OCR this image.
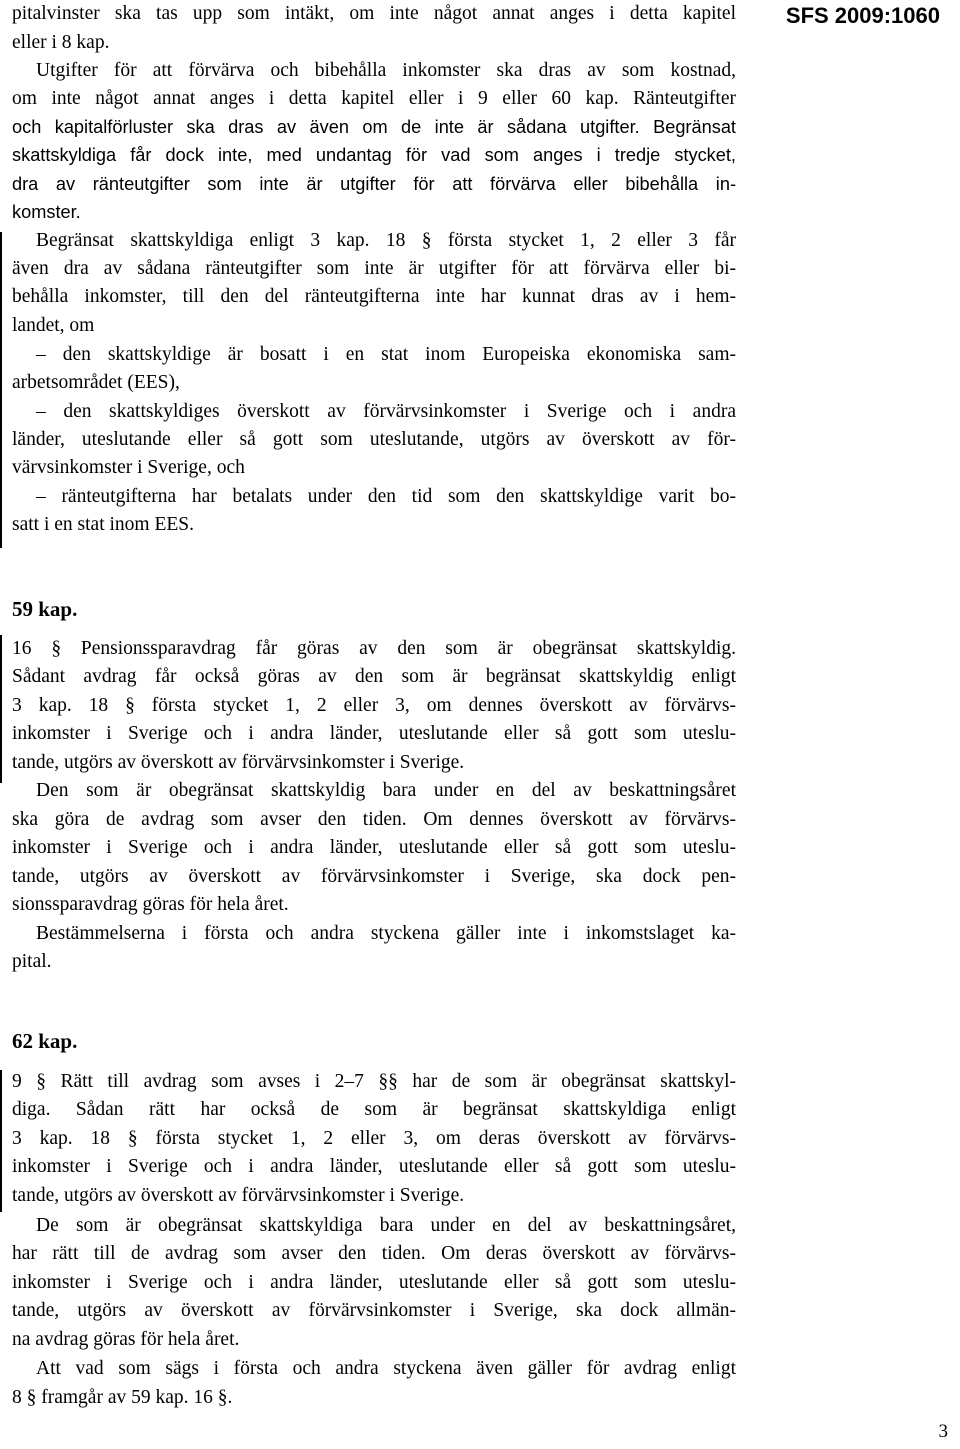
SFS 2009:1060
pitalvinster ska tas upp som intäkt, om inte något annat anges i detta kapitel
eller i 8 kap.
Utgifter för att förvärva och bibehålla inkomster ska dras av som kostnad,
om inte något annat anges i detta kapitel eller i 9 eller 60 kap. Ränteutgifter
och kapitalförluster ska dras av även om de inte är sådana utgifter. Begränsat
skattskyldiga får dock inte, med undantag för vad som anges i tredje stycket,
dra av ränteutgifter som inte är utgifter för att förvärva eller bibehålla in-
komster.
Begränsat skattskyldiga enligt 3 kap. 18 § första stycket 1, 2 eller 3 får
även dra av sådana ränteutgifter som inte är utgifter för att förvärva eller bi-
behålla inkomster, till den del ränteutgifterna inte har kunnat dras av i hem-
landet, om
– den skattskyldige är bosatt i en stat inom Europeiska ekonomiska sam-
arbetsområdet (EES),
– den skattskyldiges överskott av förvärvsinkomster i Sverige och i andra
länder, uteslutande eller så gott som uteslutande, utgörs av överskott av för-
värvsinkomster i Sverige, och
– ränteutgifterna har betalats under den tid som den skattskyldige varit bo-
satt i en stat inom EES.
59 kap.
16 § Pensionssparavdrag får göras av den som är obegränsat skattskyldig.
Sådant avdrag får också göras av den som är begränsat skattskyldig enligt
3 kap. 18 § första stycket 1, 2 eller 3, om dennes överskott av förvärvs-
inkomster i Sverige och i andra länder, uteslutande eller så gott som uteslu-
tande, utgörs av överskott av förvärvsinkomster i Sverige.
Den som är obegränsat skattskyldig bara under en del av beskattningsåret
ska göra de avdrag som avser den tiden. Om dennes överskott av förvärvs-
inkomster i Sverige och i andra länder, uteslutande eller så gott som uteslu-
tande, utgörs av överskott av förvärvsinkomster i Sverige, ska dock pen-
sionssparavdrag göras för hela året.
Bestämmelserna i första och andra styckena gäller inte i inkomstslaget ka-
pital.
62 kap.
9 § Rätt till avdrag som avses i 2–7 §§ har de som är obegränsat skattskyl-
diga. Sådan rätt har också de som är begränsat skattskyldiga enligt
3 kap. 18 § första stycket 1, 2 eller 3, om deras överskott av förvärvs-
inkomster i Sverige och i andra länder, uteslutande eller så gott som uteslu-
tande, utgörs av överskott av förvärvsinkomster i Sverige.
De som är obegränsat skattskyldiga bara under en del av beskattningsåret,
har rätt till de avdrag som avser den tiden. Om deras överskott av förvärvs-
inkomster i Sverige och i andra länder, uteslutande eller så gott som uteslu-
tande, utgörs av överskott av förvärvsinkomster i Sverige, ska dock allmän-
na avdrag göras för hela året.
Att vad som sägs i första och andra styckena även gäller för avdrag enligt
8 § framgår av 59 kap. 16 §.
3
